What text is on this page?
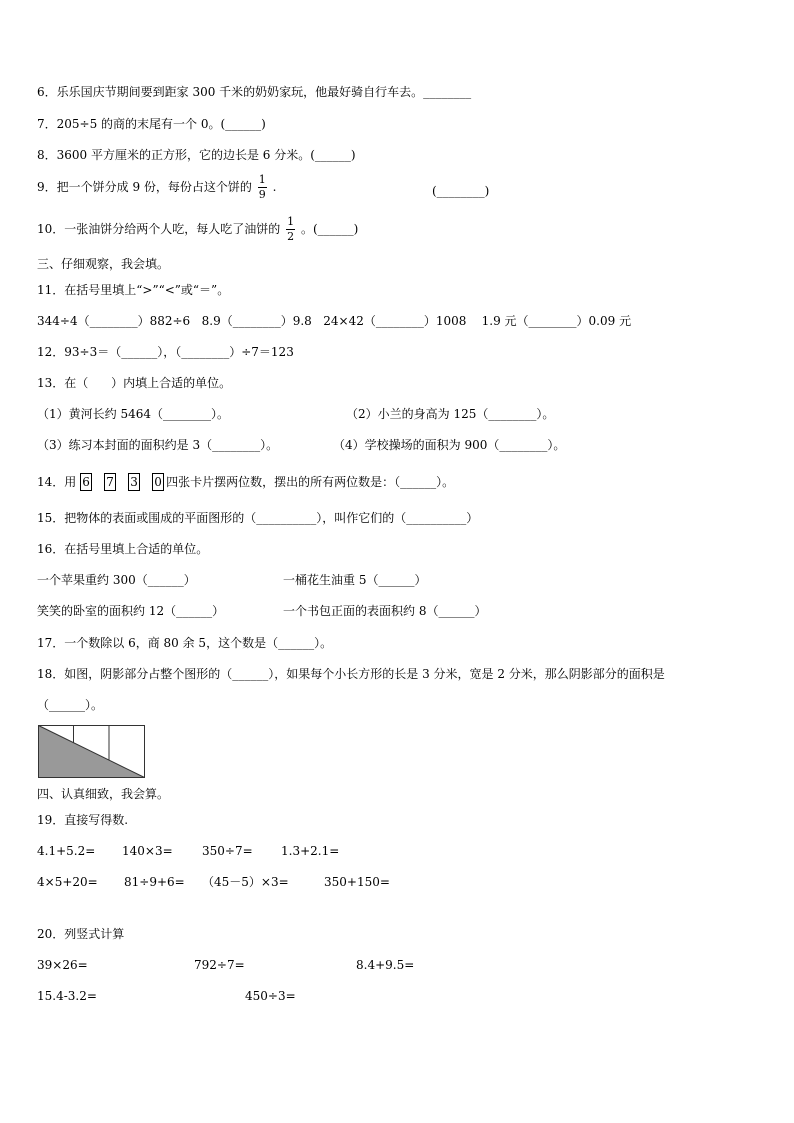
6．乐乐国庆节期间要到距家 300 千米的奶奶家玩，他最好骑自行车去。________
7．205÷5 的商的末尾有一个 0。(______)
8．3600 平方厘米的正方形，它的边长是 6 分米。(______)
9．把一个饼分成 9 份，每份占这个饼的 $\frac{1}{9}$ .	(________)
10．一张油饼分给两个人吃，每人吃了油饼的 $\frac{1}{2}$ 。(______)
三、仔细观察，我会填。
11．在括号里填上“>”“<”或“＝”。
344÷4（________）882÷6   8.9（________）9.8   24×42（________）1008    1.9 元（________）0.09 元
12．93÷3＝（______），（________）÷7＝123
13．在（      ）内填上合适的单位。
（1）黄河长约 5464（________）。	（2）小兰的身高为 125（________）。
（3）练习本封面的面积约是 3（________）。	（4）学校操场的面积为 900（________）。
14．用 6 7 3 0 四张卡片摆两位数，摆出的所有两位数是：（______）。
15．把物体的表面或围成的平面图形的（__________），叫作它们的（__________）
16．在括号里填上合适的单位。
一个苹果重约 300（______）	一桶花生油重 5（______）
笑笑的卧室的面积约 12（______）	一个书包正面的表面积约 8（______）
17．一个数除以 6，商 80 余 5，这个数是（______）。
18．如图，阴影部分占整个图形的（______），如果每个小长方形的长是 3 分米，宽是 2 分米，那么阴影部分的面积是
（______）。
四、认真细致，我会算。
19．直接写得数.
4.1+5.2= 140×3= 350÷7= 1.3+2.1=
4×5+20= 81÷9+6= （45－5）×3=	350+150=
20．列竖式计算
39×26=	792÷7=	8.4+9.5=
15.4-3.2=	450÷3=
